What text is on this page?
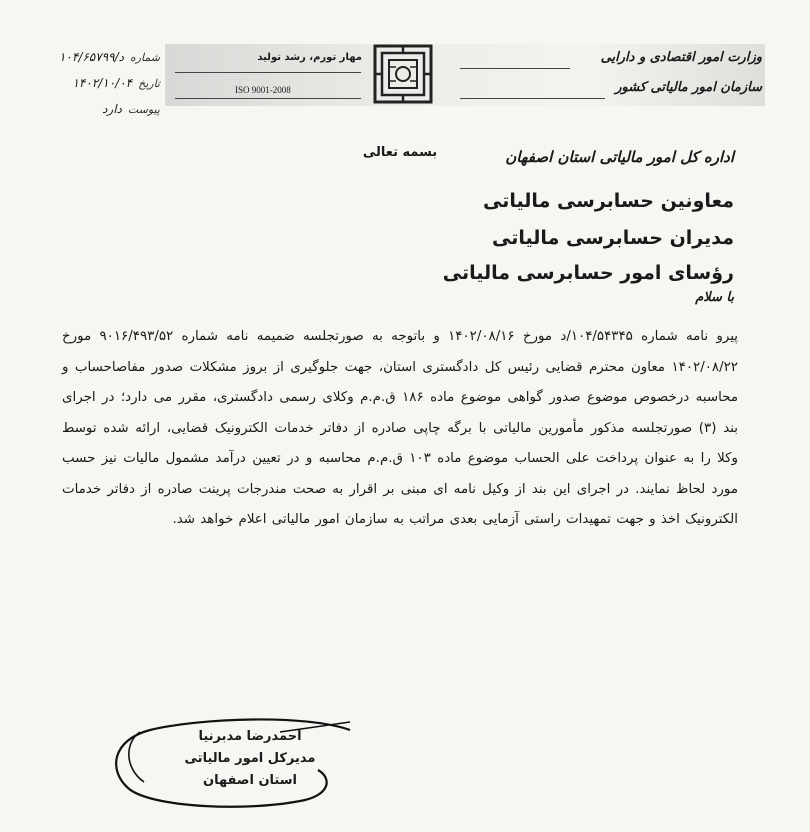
وزارت امور اقتصادی و دارایی
سازمان امور مالیاتی کشور
مهار تورم، رشد تولید
ISO 9001-2008
شماره
۱۰۴/۶۵۷۹۹/د
تاریخ
۱۴۰۲/۱۰/۰۴
پیوست
دارد
بسمه تعالی	اداره کل امور مالیاتی استان اصفهان
معاونین حسابرسی مالیاتی
مدیران حسابرسی مالیاتی
رؤسای امور حسابرسی مالیاتی
با سلام
پیرو نامه شماره ۱۰۴/۵۴۳۴۵/د مورخ ۱۴۰۲/۰۸/۱۶ و باتوجه به صورتجلسه ضمیمه نامه شماره ۹۰۱۶/۴۹۳/۵۲ مورخ ۱۴۰۲/۰۸/۲۲ معاون محترم قضایی رئیس کل دادگستری استان، جهت جلوگیری از بروز مشکلات صدور مفاصاحساب و محاسبه درخصوص موضوع صدور گواهی موضوع ماده ۱۸۶ ق.م.م وکلای رسمی دادگستری، مقرر می دارد؛ در اجرای بند (۳) صورتجلسه مذکور مأمورین مالیاتی با برگه چاپی صادره از دفاتر خدمات الکترونیک قضایی، ارائه شده توسط وکلا را به عنوان پرداخت علی الحساب موضوع ماده ۱۰۳ ق.م.م محاسبه و در تعیین درآمد مشمول مالیات نیز حسب مورد لحاظ نمایند. در اجرای این بند از وکیل نامه ای مبنی بر اقرار به صحت مندرجات پرینت صادره از دفاتر خدمات الکترونیک اخذ و جهت تمهیدات راستی آزمایی بعدی مراتب به سازمان امور مالیاتی اعلام خواهد شد.
احمدرضا مدبرنیا
مدیرکل امور مالیاتی
استان اصفهان
